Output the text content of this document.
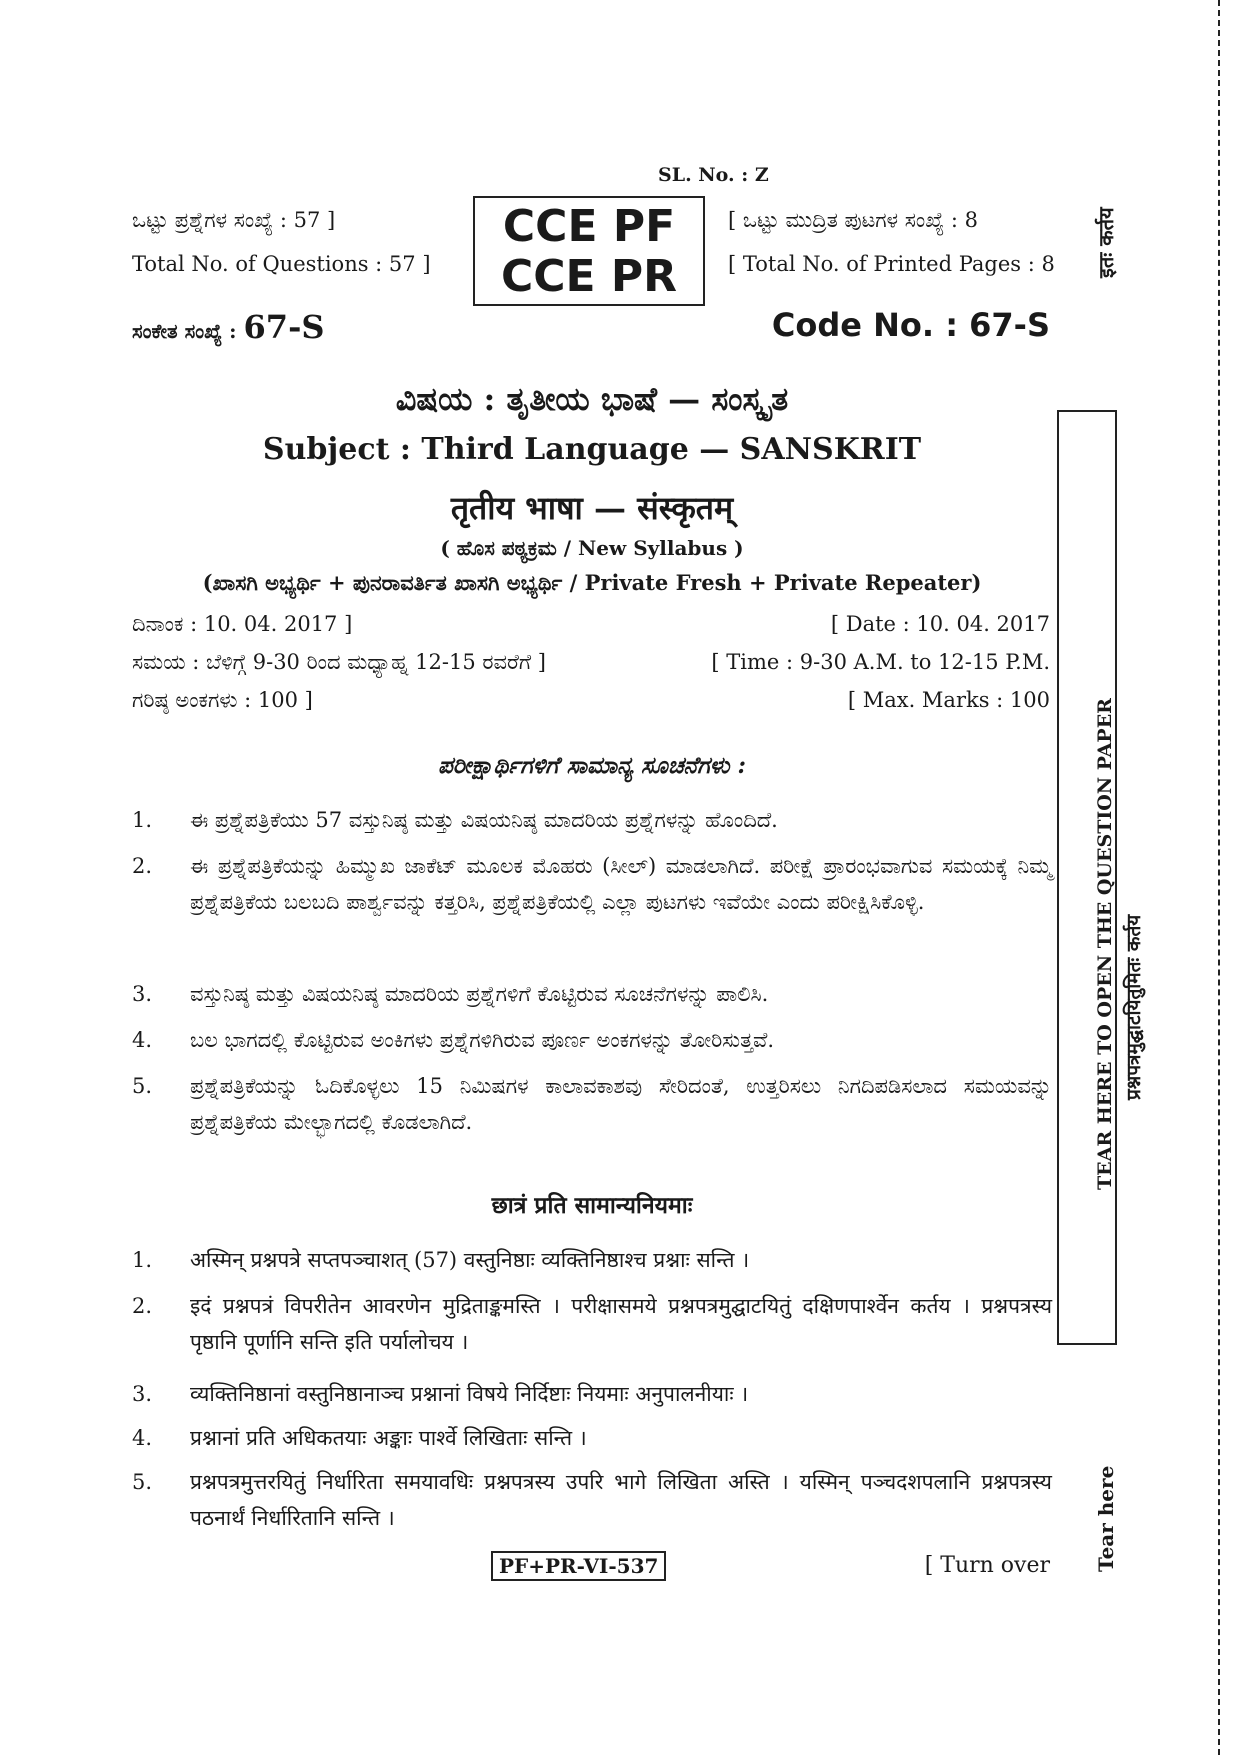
SL. No. : Z
ಒಟ್ಟು ಪ್ರಶ್ನೆಗಳ ಸಂಖ್ಯೆ : 57 ]
Total No. of Questions : 57 ]
CCE PF
CCE PR
[ ಒಟ್ಟು ಮುದ್ರಿತ ಪುಟಗಳ ಸಂಖ್ಯೆ : 8
[ Total No. of Printed Pages : 8
ಸಂಕೇತ ಸಂಖ್ಯೆ : 67-S	Code No. : 67-S
ವಿಷಯ : ತೃತೀಯ ಭಾಷೆ — ಸಂಸ್ಕೃತ
Subject : Third Language — SANSKRIT
तृतीय भाषा — संस्कृतम्
( ಹೊಸ ಪಠ್ಯಕ್ರಮ / New Syllabus )
(ಖಾಸಗಿ ಅಭ್ಯರ್ಥಿ + ಪುನರಾವರ್ತಿತ ಖಾಸಗಿ ಅಭ್ಯರ್ಥಿ / Private Fresh + Private Repeater)
ದಿನಾಂಕ : 10. 04. 2017 ]	[ Date : 10. 04. 2017
ಸಮಯ : ಬೆಳಿಗ್ಗೆ 9-30 ರಿಂದ ಮಧ್ಯಾಹ್ನ 12-15 ರವರೆಗೆ ]	[ Time : 9-30 A.M. to 12-15 P.M.
ಗರಿಷ್ಠ ಅಂಕಗಳು : 100 ]	[ Max. Marks : 100
ಪರೀಕ್ಷಾರ್ಥಿಗಳಿಗೆ ಸಾಮಾನ್ಯ ಸೂಚನೆಗಳು :
1. ಈ ಪ್ರಶ್ನೆಪತ್ರಿಕೆಯು 57 ವಸ್ತುನಿಷ್ಠ ಮತ್ತು ವಿಷಯನಿಷ್ಠ ಮಾದರಿಯ ಪ್ರಶ್ನೆಗಳನ್ನು ಹೊಂದಿದೆ.
2. ಈ ಪ್ರಶ್ನೆಪತ್ರಿಕೆಯನ್ನು ಹಿಮ್ಮುಖ ಜಾಕೆಟ್ ಮೂಲಕ ಮೊಹರು (ಸೀಲ್) ಮಾಡಲಾಗಿದೆ. ಪರೀಕ್ಷೆ ಪ್ರಾರಂಭವಾಗುವ ಸಮಯಕ್ಕೆ ನಿಮ್ಮ ಪ್ರಶ್ನೆಪತ್ರಿಕೆಯ ಬಲಬದಿ ಪಾರ್ಶ್ವವನ್ನು ಕತ್ತರಿಸಿ, ಪ್ರಶ್ನೆಪತ್ರಿಕೆಯಲ್ಲಿ ಎಲ್ಲಾ ಪುಟಗಳು ಇವೆಯೇ ಎಂದು ಪರೀಕ್ಷಿಸಿಕೊಳ್ಳಿ.
3. ವಸ್ತುನಿಷ್ಠ ಮತ್ತು ವಿಷಯನಿಷ್ಠ ಮಾದರಿಯ ಪ್ರಶ್ನೆಗಳಿಗೆ ಕೊಟ್ಟಿರುವ ಸೂಚನೆಗಳನ್ನು ಪಾಲಿಸಿ.
4. ಬಲ ಭಾಗದಲ್ಲಿ ಕೊಟ್ಟಿರುವ ಅಂಕಿಗಳು ಪ್ರಶ್ನೆಗಳಿಗಿರುವ ಪೂರ್ಣ ಅಂಕಗಳನ್ನು ತೋರಿಸುತ್ತವೆ.
5. ಪ್ರಶ್ನೆಪತ್ರಿಕೆಯನ್ನು ಓದಿಕೊಳ್ಳಲು 15 ನಿಮಿಷಗಳ ಕಾಲಾವಕಾಶವು ಸೇರಿದಂತೆ, ಉತ್ತರಿಸಲು ನಿಗದಿಪಡಿಸಲಾದ ಸಮಯವನ್ನು ಪ್ರಶ್ನೆಪತ್ರಿಕೆಯ ಮೇಲ್ಭಾಗದಲ್ಲಿ ಕೊಡಲಾಗಿದೆ.
छात्रं प्रति सामान्यनियमाः
1. अस्मिन् प्रश्नपत्रे सप्तपञ्चाशत् (57) वस्तुनिष्ठाः व्यक्तिनिष्ठाश्च प्रश्नाः सन्ति ।
2. इदं प्रश्नपत्रं विपरीतेन आवरणेन मुद्रिताङ्कमस्ति । परीक्षासमये प्रश्नपत्रमुद्घाटयितुं दक्षिणपार्श्वेन कर्तय । प्रश्नपत्रस्य पृष्ठानि पूर्णानि सन्ति इति पर्यालोचय ।
3. व्यक्तिनिष्ठानां वस्तुनिष्ठानाञ्च प्रश्नानां विषये निर्दिष्टाः नियमाः अनुपालनीयाः ।
4. प्रश्नानां प्रति अधिकतयाः अङ्काः पार्श्वे लिखिताः सन्ति ।
5. प्रश्नपत्रमुत्तरयितुं निर्धारिता समयावधिः प्रश्नपत्रस्य उपरि भागे लिखिता अस्ति । यस्मिन् पञ्चदशपलानि प्रश्नपत्रस्य पठनार्थं निर्धारितानि सन्ति ।
PF+PR-VI-537	[ Turn over
TEAR HERE TO OPEN THE QUESTION PAPER प्रश्नपत्रमुद्घाटयितुमितः कर्तय
इतः कर्तय
Tear here
